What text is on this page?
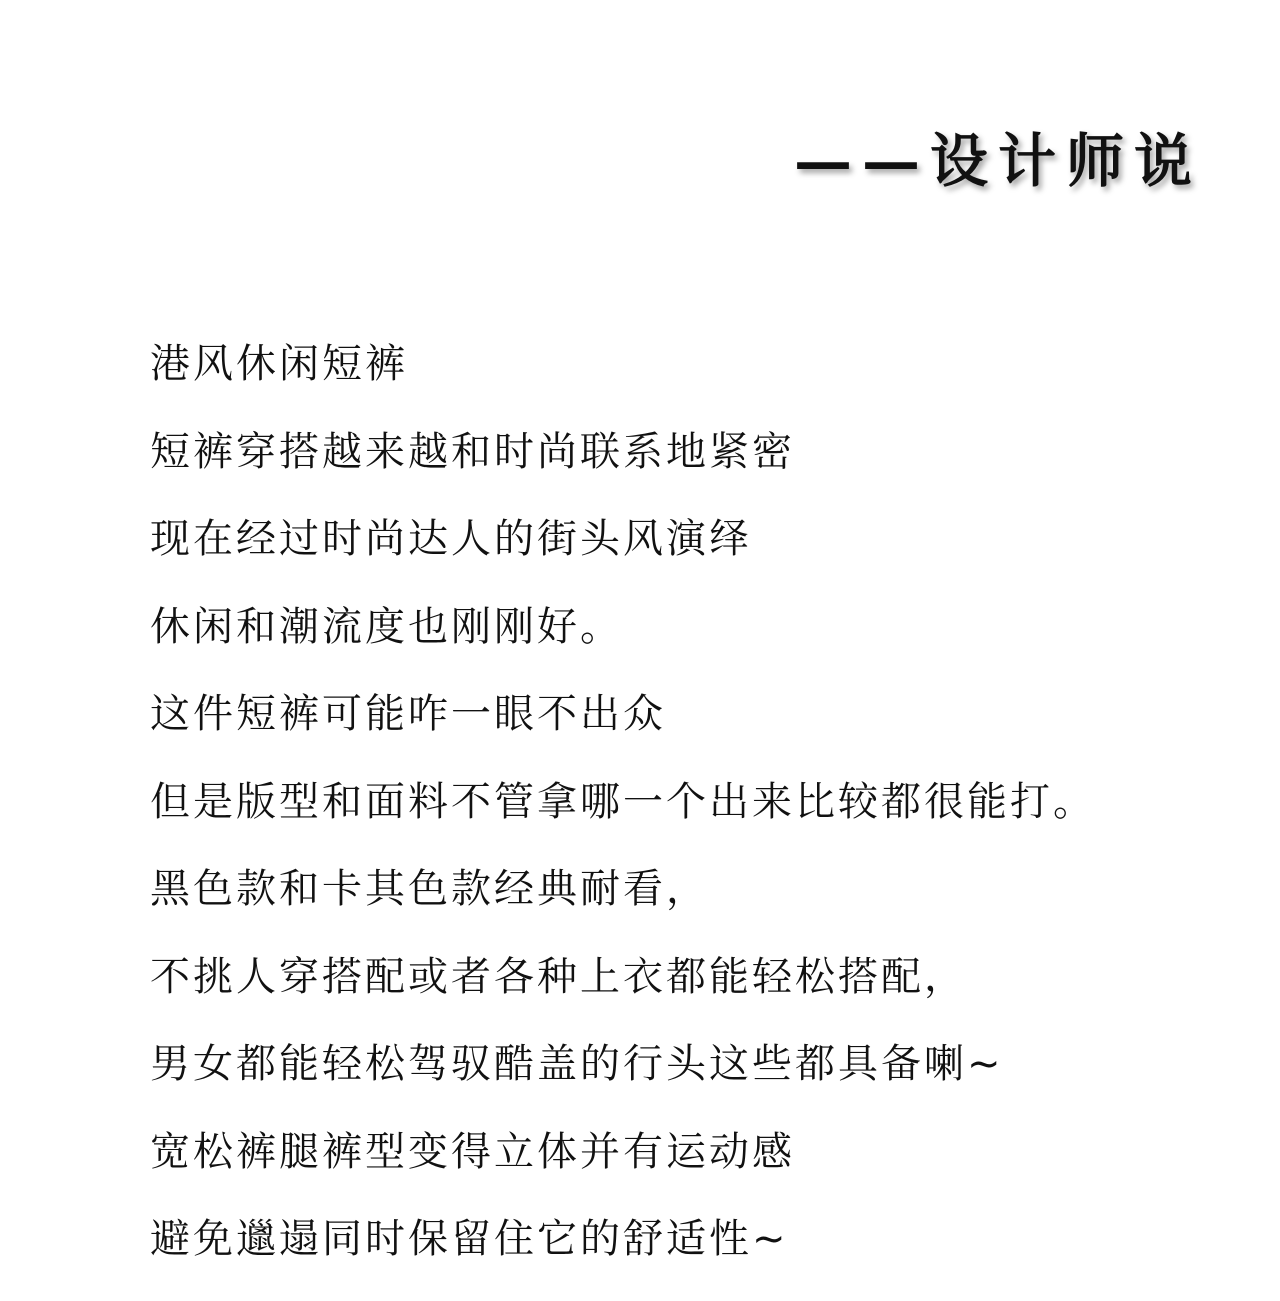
——设计师说
港风休闲短裤
短裤穿搭越来越和时尚联系地紧密
现在经过时尚达人的街头风演绎
休闲和潮流度也刚刚好。
这件短裤可能咋一眼不出众
但是版型和面料不管拿哪一个出来比较都很能打。
黑色款和卡其色款经典耐看，
不挑人穿搭配或者各种上衣都能轻松搭配，
男女都能轻松驾驭酷盖的行头这些都具备喇~
宽松裤腿裤型变得立体并有运动感
避免邋遢同时保留住它的舒适性~
